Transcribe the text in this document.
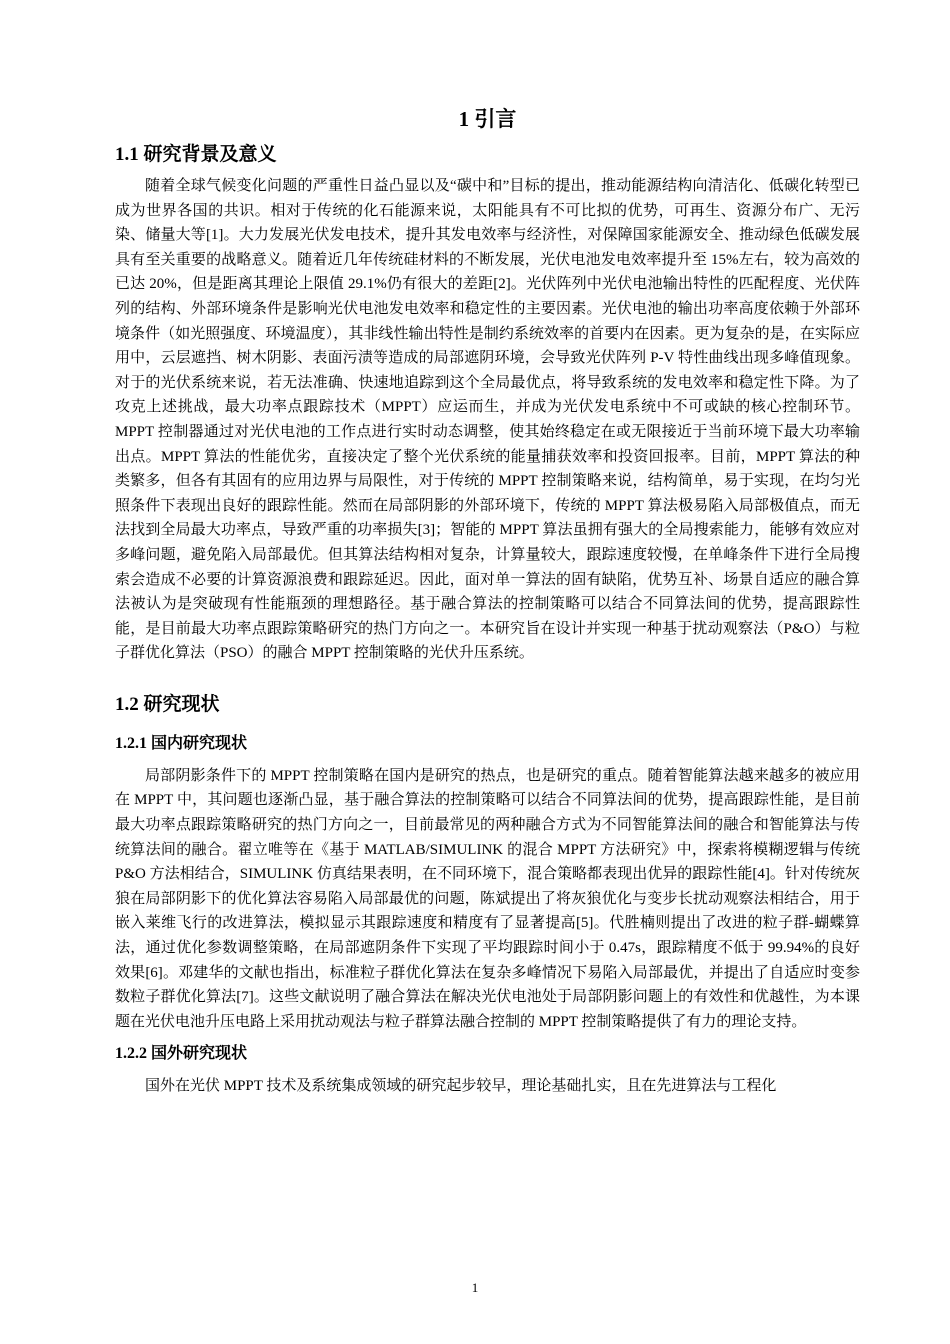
1 引言
1.1 研究背景及意义

随着全球气候变化问题的严重性日益凸显以及“碳中和”目标的提出，推动能源结构向清洁化、低碳化转型已成为世界各国的共识。相对于传统的化石能源来说，太阳能具有不可比拟的优势，可再生、资源分布广、无污染、储量大等[1]。大力发展光伏发电技术，提升其发电效率与经济性，对保障国家能源安全、推动绿色低碳发展具有至关重要的战略意义。随着近几年传统硅材料的不断发展，光伏电池发电效率提升至 15%左右，较为高效的已达 20%，但是距离其理论上限值 29.1%仍有很大的差距[2]。光伏阵列中光伏电池输出特性的匹配程度、光伏阵列的结构、外部环境条件是影响光伏电池发电效率和稳定性的主要因素。光伏电池的输出功率高度依赖于外部环境条件（如光照强度、环境温度），其非线性输出特性是制约系统效率的首要内在因素。更为复杂的是，在实际应用中，云层遮挡、树木阴影、表面污渍等造成的局部遮阴环境，会导致光伏阵列 P-V 特性曲线出现多峰值现象。对于的光伏系统来说，若无法准确、快速地追踪到这个全局最优点，将导致系统的发电效率和稳定性下降。为了攻克上述挑战，最大功率点跟踪技术（MPPT）应运而生，并成为光伏发电系统中不可或缺的核心控制环节。MPPT 控制器通过对光伏电池的工作点进行实时动态调整，使其始终稳定在或无限接近于当前环境下最大功率输出点。MPPT 算法的性能优劣，直接决定了整个光伏系统的能量捕获效率和投资回报率。目前，MPPT 算法的种类繁多，但各有其固有的应用边界与局限性，对于传统的 MPPT 控制策略来说，结构简单，易于实现，在均匀光照条件下表现出良好的跟踪性能。然而在局部阴影的外部环境下，传统的 MPPT 算法极易陷入局部极值点，而无法找到全局最大功率点，导致严重的功率损失[3]；智能的 MPPT 算法虽拥有强大的全局搜索能力，能够有效应对多峰问题，避免陷入局部最优。但其算法结构相对复杂，计算量较大，跟踪速度较慢，在单峰条件下进行全局搜索会造成不必要的计算资源浪费和跟踪延迟。因此，面对单一算法的固有缺陷，优势互补、场景自适应的融合算法被认为是突破现有性能瓶颈的理想路径。基于融合算法的控制策略可以结合不同算法间的优势，提高跟踪性能，是目前最大功率点跟踪策略研究的热门方向之一。本研究旨在设计并实现一种基于扰动观察法（P&O）与粒子群优化算法（PSO）的融合 MPPT 控制策略的光伏升压系统。

1.2 研究现状
1.2.1 国内研究现状

局部阴影条件下的 MPPT 控制策略在国内是研究的热点，也是研究的重点。随着智能算法越来越多的被应用在 MPPT 中，其问题也逐渐凸显，基于融合算法的控制策略可以结合不同算法间的优势，提高跟踪性能，是目前最大功率点跟踪策略研究的热门方向之一，目前最常见的两种融合方式为不同智能算法间的融合和智能算法与传统算法间的融合。翟立唯等在《基于 MATLAB/SIMULINK 的混合 MPPT 方法研究》中，探索将模糊逻辑与传统 P&O 方法相结合，SIMULINK 仿真结果表明，在不同环境下，混合策略都表现出优异的跟踪性能[4]。针对传统灰狼在局部阴影下的优化算法容易陷入局部最优的问题，陈斌提出了将灰狼优化与变步长扰动观察法相结合，用于嵌入莱维飞行的改进算法，模拟显示其跟踪速度和精度有了显著提高[5]。代胜楠则提出了改进的粒子群-蝴蝶算法，通过优化参数调整策略，在局部遮阴条件下实现了平均跟踪时间小于 0.47s，跟踪精度不低于 99.94%的良好效果[6]。邓建华的文献也指出，标准粒子群优化算法在复杂多峰情况下易陷入局部最优，并提出了自适应时变参数粒子群优化算法[7]。这些文献说明了融合算法在解决光伏电池处于局部阴影问题上的有效性和优越性，为本课题在光伏电池升压电路上采用扰动观法与粒子群算法融合控制的 MPPT 控制策略提供了有力的理论支持。

1.2.2 国外研究现状

国外在光伏 MPPT 技术及系统集成领域的研究起步较早，理论基础扎实，且在先进算法与工程化

1
